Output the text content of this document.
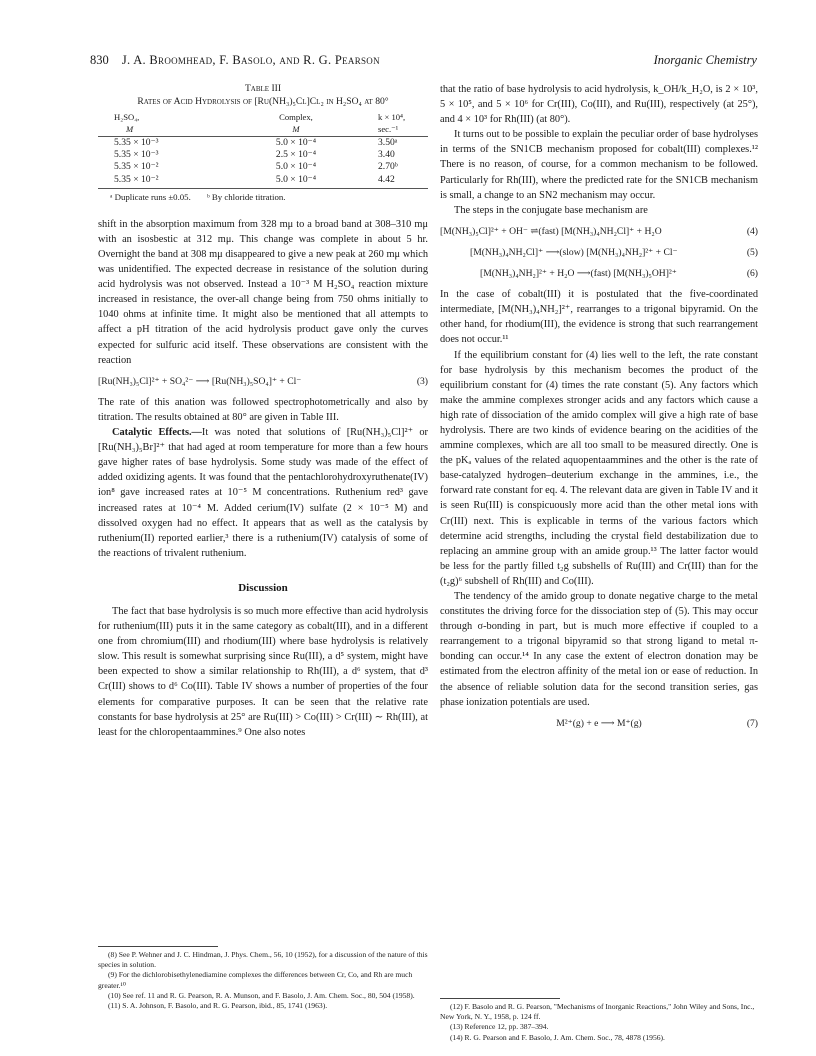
830 J. A. Broomhead, F. Basolo, and R. G. Pearson	Inorganic Chemistry
Table III
Rates of Acid Hydrolysis of [Ru(NH₃)₅Cl]Cl₂ in H₂SO₄ at 80°
H₂SO₄,	Complex,	k × 10⁴,
M	M	sec.⁻¹
5.35 × 10⁻³	5.0 × 10⁻⁴	3.50ᵃ
5.35 × 10⁻³	2.5 × 10⁻⁴	3.40
5.35 × 10⁻²	5.0 × 10⁻⁴	2.70ᵇ
5.35 × 10⁻²	5.0 × 10⁻⁴	4.42
ᵃ Duplicate runs ±0.05. ᵇ By chloride titration.

shift in the absorption maximum from 328 mμ to a broad band at 308–310 mμ with an isosbestic at 312 mμ. This change was complete in about 5 hr. Overnight the band at 308 mμ disappeared to give a new peak at 260 mμ which was unidentified. The expected decrease in resistance of the solution during acid hydrolysis was not observed. Instead a 10⁻³ M H₂SO₄ reaction mixture increased in resistance, the over-all change being from 750 ohms initially to 1040 ohms at infinite time. It might also be mentioned that all attempts to affect a pH titration of the acid hydrolysis product gave only the curves expected for sulfuric acid itself. These observations are consistent with the reaction

[Ru(NH₃)₅Cl]²⁺ + SO₄²⁻ ⟶ [Ru(NH₃)₅SO₄]⁺ + Cl⁻	(3)

The rate of this anation was followed spectrophotometrically and also by titration. The results obtained at 80° are given in Table III.

Catalytic Effects.—It was noted that solutions of [Ru(NH₃)₅Cl]²⁺ or [Ru(NH₃)₅Br]²⁺ that had aged at room temperature for more than a few hours gave higher rates of base hydrolysis. Some study was made of the effect of added oxidizing agents. It was found that the pentachlorohydroxyruthenate(IV) ion⁸ gave increased rates at 10⁻⁵ M concentrations. Ruthenium red³ gave increased rates at 10⁻⁴ M. Added cerium(IV) sulfate (2 × 10⁻⁵ M) and dissolved oxygen had no effect. It appears that as well as the catalysis by ruthenium(II) reported earlier,³ there is a ruthenium(IV) catalysis of some of the reactions of trivalent ruthenium.

Discussion

The fact that base hydrolysis is so much more effective than acid hydrolysis for ruthenium(III) puts it in the same category as cobalt(III), and in a different one from chromium(III) and rhodium(III) where base hydrolysis is relatively slow. This result is somewhat surprising since Ru(III), a d⁵ system, might have been expected to show a similar relationship to Rh(III), a d⁶ system, that d³ Cr(III) shows to d⁶ Co(III). Table IV shows a number of properties of the four elements for comparative purposes. It can be seen that the relative rate constants for base hydrolysis at 25° are Ru(III) > Co(III) > Cr(III) ∼ Rh(III), at least for the chloropentaammines.⁹ One also notes

(8) See P. Wehner and J. C. Hindman, J. Phys. Chem., 56, 10 (1952), for a discussion of the nature of this species in solution.

(9) For the dichlorobisethylenediamine complexes the differences between Cr, Co, and Rh are much greater.¹⁰

(10) See ref. 11 and R. G. Pearson, R. A. Munson, and F. Basolo, J. Am. Chem. Soc., 80, 504 (1958).

(11) S. A. Johnson, F. Basolo, and R. G. Pearson, ibid., 85, 1741 (1963).

that the ratio of base hydrolysis to acid hydrolysis, k_OH/k_H₂O, is 2 × 10³, 5 × 10⁵, and 5 × 10⁶ for Cr(III), Co(III), and Ru(III), respectively (at 25°), and 4 × 10³ for Rh(III) (at 80°).

It turns out to be possible to explain the peculiar order of base hydrolyses in terms of the SN1CB mechanism proposed for cobalt(III) complexes.¹² There is no reason, of course, for a common mechanism to be followed. Particularly for Rh(III), where the predicted rate for the SN1CB mechanism is small, a change to an SN2 mechanism may occur.

The steps in the conjugate base mechanism are

[M(NH₃)₅Cl]²⁺ + OH⁻ ⇌(fast) [M(NH₃)₄NH₂Cl]⁺ + H₂O	(4)
[M(NH₃)₄NH₂Cl]⁺ ⟶(slow) [M(NH₃)₄NH₂]²⁺ + Cl⁻	(5)
[M(NH₃)₄NH₂]²⁺ + H₂O ⟶(fast) [M(NH₃)₅OH]²⁺	(6)

In the case of cobalt(III) it is postulated that the five-coordinated intermediate, [M(NH₃)₄NH₂]²⁺, rearranges to a trigonal bipyramid. On the other hand, for rhodium(III), the evidence is strong that such rearrangement does not occur.¹¹

If the equilibrium constant for (4) lies well to the left, the rate constant for base hydrolysis by this mechanism becomes the product of the equilibrium constant for (4) times the rate constant (5). Any factors which make the ammine complexes stronger acids and any factors which cause a high rate of dissociation of the amido complex will give a high rate of base hydrolysis. There are two kinds of evidence bearing on the acidities of the ammine complexes, which are all too small to be measured directly. One is the pKₐ values of the related aquopentaammines and the other is the rate of base-catalyzed hydrogen–deuterium exchange in the ammines, i.e., the forward rate constant for eq. 4. The relevant data are given in Table IV and it is seen Ru(III) is conspicuously more acid than the other metal ions with Cr(III) next. This is explicable in terms of the various factors which determine acid strengths, including the crystal field destabilization due to replacing an ammine group with an amide group.¹³ The latter factor would be less for the partly filled t₂g subshells of Ru(III) and Cr(III) than for the (t₂g)⁶ subshell of Rh(III) and Co(III).

The tendency of the amido group to donate negative charge to the metal constitutes the driving force for the dissociation step of (5). This may occur through σ-bonding in part, but is much more effective if coupled to a rearrangement to a trigonal bipyramid so that strong ligand to metal π-bonding can occur.¹⁴ In any case the extent of electron donation may be estimated from the electron affinity of the metal ion or ease of reduction. In the absence of reliable solution data for the second transition series, gas phase ionization potentials are used.

M²⁺(g) + e ⟶ M⁺(g)	(7)

(12) F. Basolo and R. G. Pearson, "Mechanisms of Inorganic Reactions," John Wiley and Sons, Inc., New York, N. Y., 1958, p. 124 ff.

(13) Reference 12, pp. 387–394.

(14) R. G. Pearson and F. Basolo, J. Am. Chem. Soc., 78, 4878 (1956).
